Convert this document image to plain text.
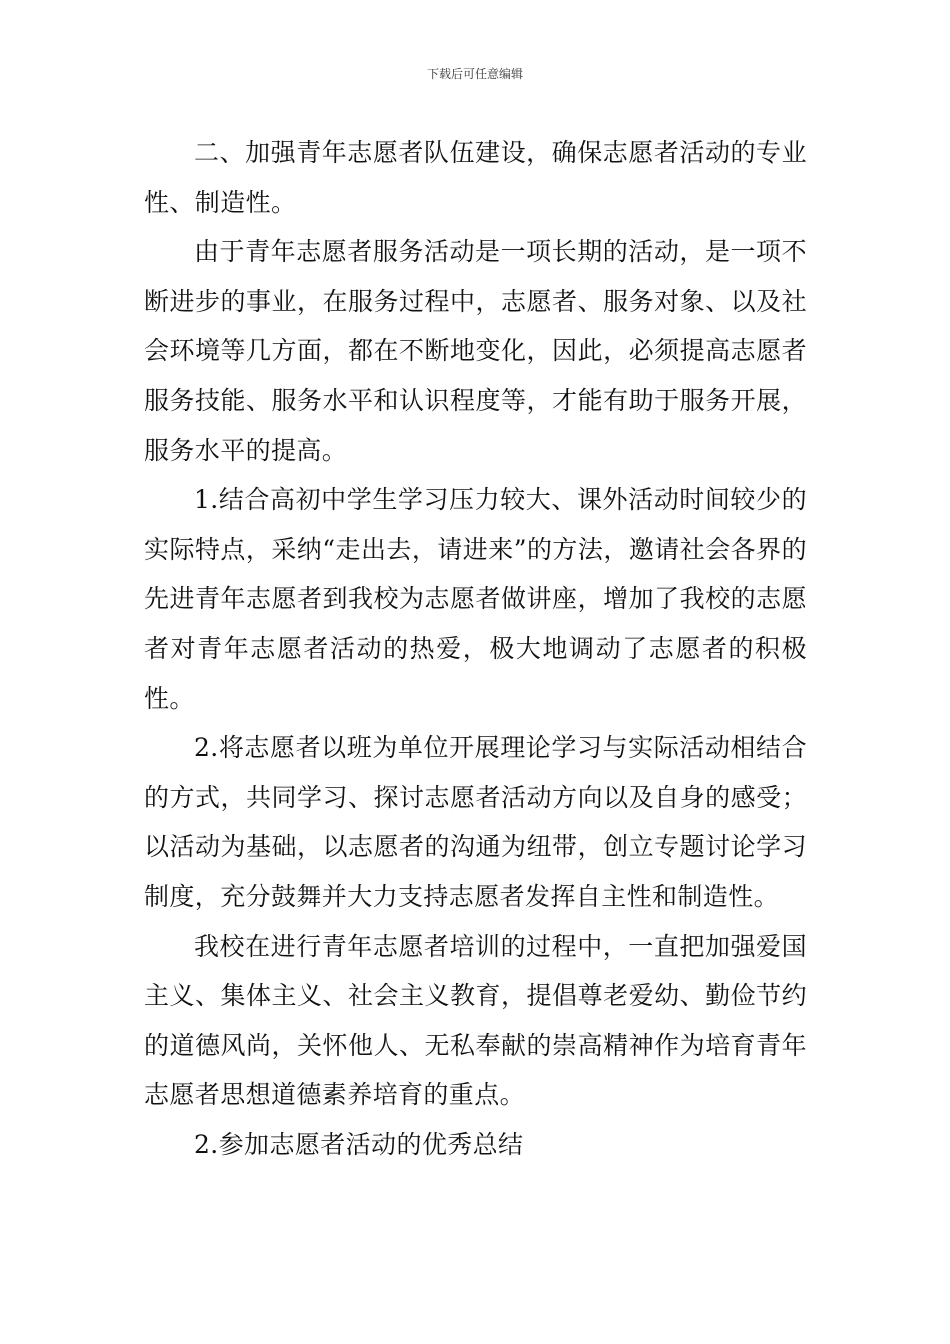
下载后可任意编辑

二、加强青年志愿者队伍建设，确保志愿者活动的专业性、制造性。

由于青年志愿者服务活动是一项长期的活动，是一项不断进步的事业，在服务过程中，志愿者、服务对象、以及社会环境等几方面，都在不断地变化，因此，必须提高志愿者服务技能、服务水平和认识程度等，才能有助于服务开展，服务水平的提高。

1.结合高初中学生学习压力较大、课外活动时间较少的实际特点，采纳“走出去，请进来”的方法，邀请社会各界的先进青年志愿者到我校为志愿者做讲座，增加了我校的志愿者对青年志愿者活动的热爱，极大地调动了志愿者的积极性。

2.将志愿者以班为单位开展理论学习与实际活动相结合的方式，共同学习、探讨志愿者活动方向以及自身的感受；以活动为基础，以志愿者的沟通为纽带，创立专题讨论学习制度，充分鼓舞并大力支持志愿者发挥自主性和制造性。

我校在进行青年志愿者培训的过程中，一直把加强爱国主义、集体主义、社会主义教育，提倡尊老爱幼、勤俭节约的道德风尚，关怀他人、无私奉献的崇高精神作为培育青年志愿者思想道德素养培育的重点。

2.参加志愿者活动的优秀总结
